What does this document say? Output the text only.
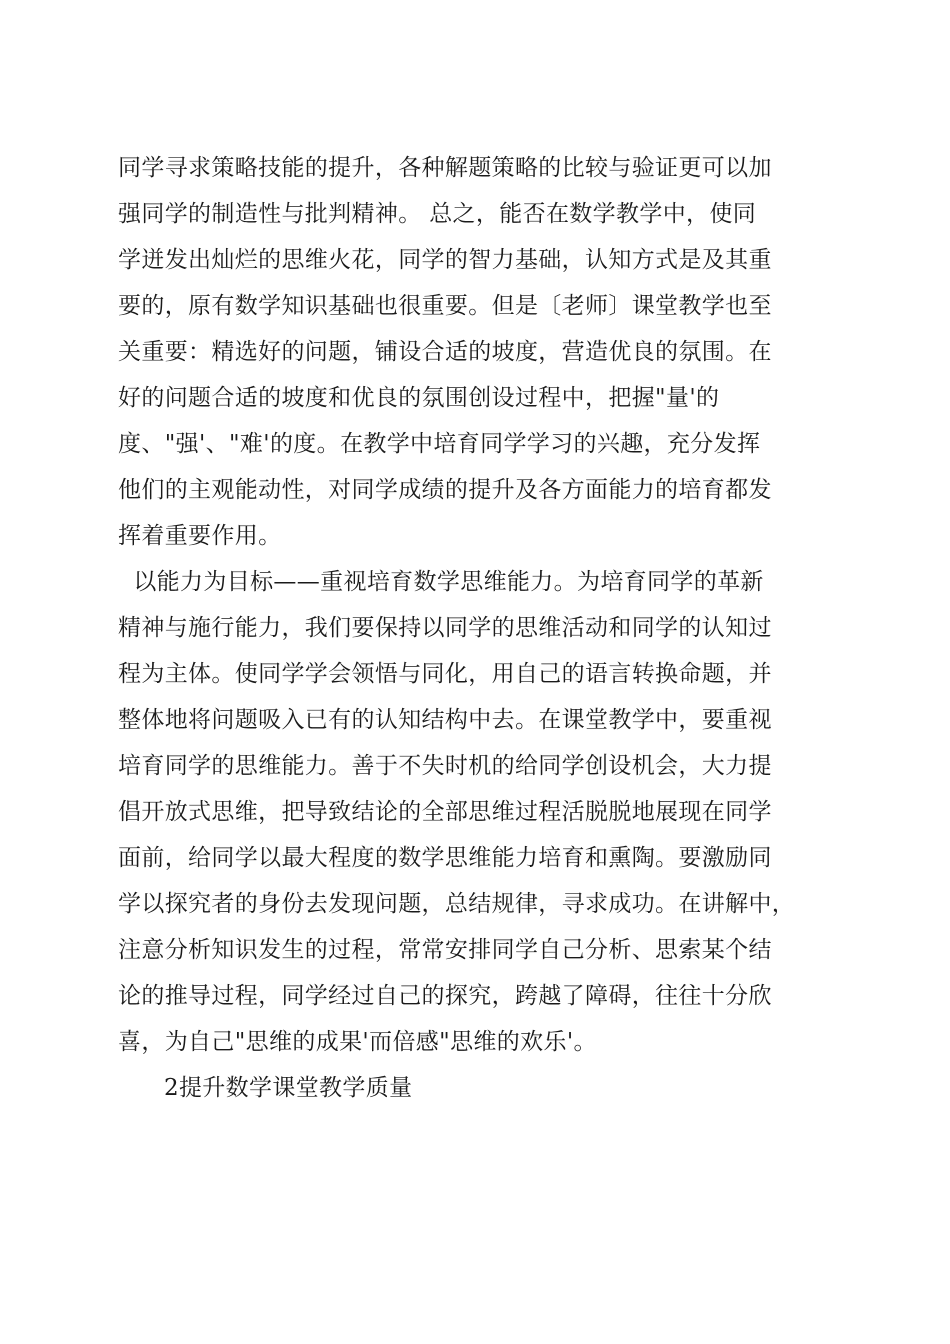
同学寻求策略技能的提升，各种解题策略的比较与验证更可以加
强同学的制造性与批判精神。 总之，能否在数学教学中，使同
学迸发出灿烂的思维火花，同学的智力基础，认知方式是及其重
要的，原有数学知识基础也很重要。但是〔老师〕课堂教学也至
关重要：精选好的问题，铺设合适的坡度，营造优良的氛围。在
好的问题合适的坡度和优良的氛围创设过程中，把握"量'的
度、"强'、"难'的度。在教学中培育同学学习的兴趣，充分发挥
他们的主观能动性，对同学成绩的提升及各方面能力的培育都发
挥着重要作用。
以能力为目标——重视培育数学思维能力。为培育同学的革新
精神与施行能力，我们要保持以同学的思维活动和同学的认知过
程为主体。使同学学会领悟与同化，用自己的语言转换命题，并
整体地将问题吸入已有的认知结构中去。在课堂教学中，要重视
培育同学的思维能力。善于不失时机的给同学创设机会，大力提
倡开放式思维，把导致结论的全部思维过程活脱脱地展现在同学
面前，给同学以最大程度的数学思维能力培育和熏陶。要激励同
学以探究者的身份去发现问题，总结规律，寻求成功。在讲解中，
注意分析知识发生的过程，常常安排同学自己分析、思索某个结
论的推导过程，同学经过自己的探究，跨越了障碍，往往十分欣
喜，为自己"思维的成果'而倍感"思维的欢乐'。
2提升数学课堂教学质量
